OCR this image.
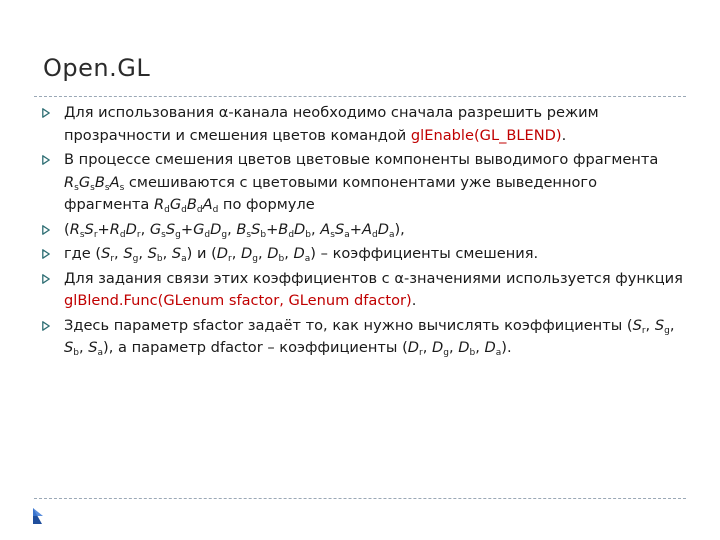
Open.GL
Для использования α-канала необходимо сначала разрешить режим прозрачности и смешения цветов командой glEnable(GL_BLEND).
В процессе смешения цветов цветовые компоненты выводимого фрагмента $R_sG_sB_sA_s$ смешиваются с цветовыми компонентами уже выведенного фрагмента $R_dG_dB_dA_d$ по формуле
($R_sS_r+R_dD_r$, $G_sS_g+G_dD_g$, $B_sS_b+B_dD_b$, $A_sS_a+A_dD_a$),
где ($S_r$, $S_g$, $S_b$, $S_a$) и ($D_r$, $D_g$, $D_b$, $D_a$) – коэффициенты смешения.
Для задания связи этих коэффициентов с α-значениями используется функция glBlend.Func(GLenum sfactor, GLenum dfactor).
Здесь параметр sfactor задаёт то, как нужно вычислять коэффициенты ($S_r$, $S_g$, $S_b$, $S_a$), а параметр dfactor – коэффициенты ($D_r$, $D_g$, $D_b$, $D_a$).
